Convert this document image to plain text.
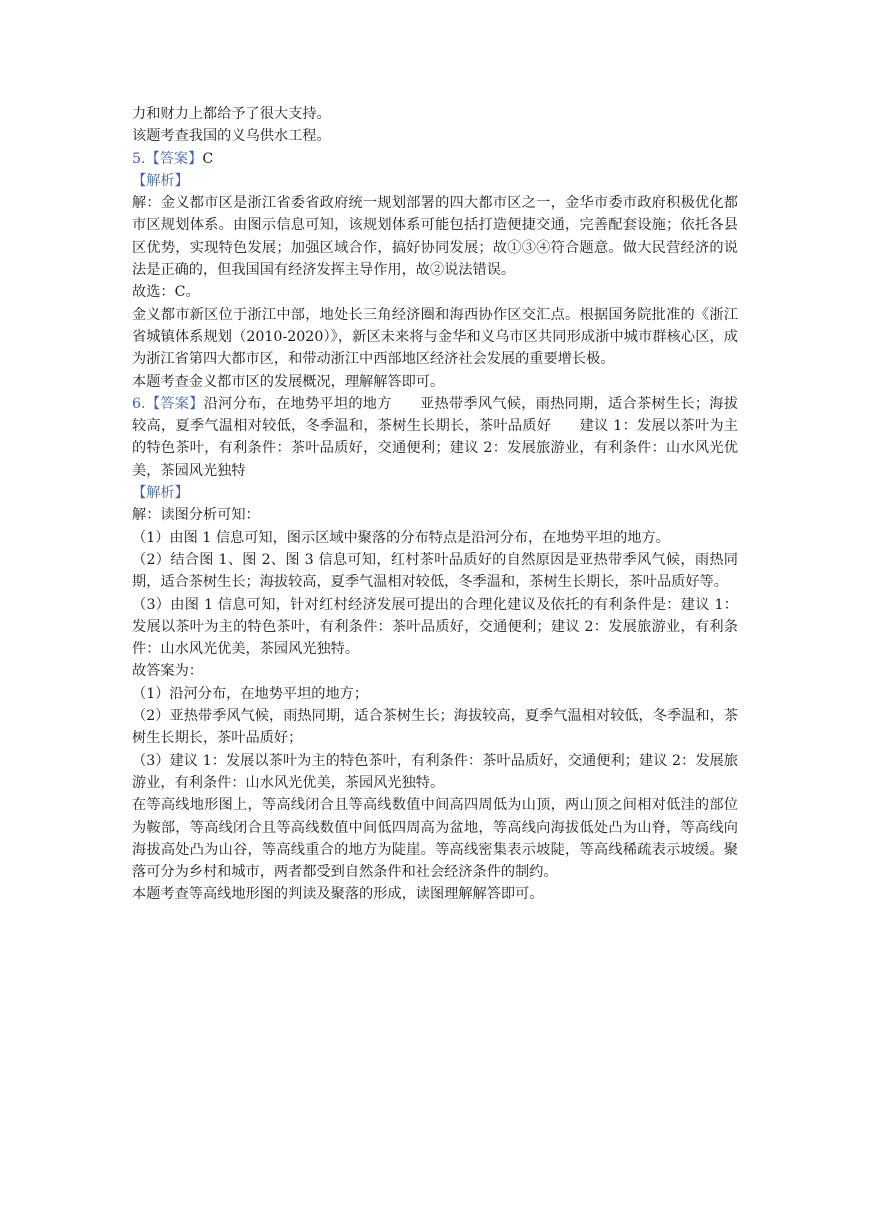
力和财力上都给予了很大支持。

该题考查我国的义乌供水工程。

5.【答案】C

【解析】

解：金义都市区是浙江省委省政府统一规划部署的四大都市区之一，金华市委市政府积极优化都市区规划体系。由图示信息可知，该规划体系可能包括打造便捷交通，完善配套设施；依托各县区优势，实现特色发展；加强区域合作，搞好协同发展；故①③④符合题意。做大民营经济的说法是正确的，但我国国有经济发挥主导作用，故②说法错误。

故选：C。

金义都市新区位于浙江中部，地处长三角经济圈和海西协作区交汇点。根据国务院批准的《浙江省城镇体系规划（2010-2020）》，新区未来将与金华和义乌市区共同形成浙中城市群核心区，成为浙江省第四大都市区，和带动浙江中西部地区经济社会发展的重要增长极。

本题考查金义都市区的发展概况，理解解答即可。

6.【答案】沿河分布，在地势平坦的地方 亚热带季风气候，雨热同期，适合茶树生长；海拔较高，夏季气温相对较低，冬季温和，茶树生长期长，茶叶品质好 建议 1：发展以茶叶为主的特色茶叶，有利条件：茶叶品质好，交通便利；建议 2：发展旅游业，有利条件：山水风光优美，茶园风光独特

【解析】

解：读图分析可知：

（1）由图 1 信息可知，图示区域中聚落的分布特点是沿河分布，在地势平坦的地方。

（2）结合图 1、图 2、图 3 信息可知，红村茶叶品质好的自然原因是亚热带季风气候，雨热同期，适合茶树生长；海拔较高，夏季气温相对较低，冬季温和，茶树生长期长，茶叶品质好等。

（3）由图 1 信息可知，针对红村经济发展可提出的合理化建议及依托的有利条件是：建议 1：发展以茶叶为主的特色茶叶，有利条件：茶叶品质好，交通便利；建议 2：发展旅游业，有利条件：山水风光优美，茶园风光独特。

故答案为：

（1）沿河分布，在地势平坦的地方；

（2）亚热带季风气候，雨热同期，适合茶树生长；海拔较高，夏季气温相对较低，冬季温和，茶树生长期长，茶叶品质好；

（3）建议 1：发展以茶叶为主的特色茶叶，有利条件：茶叶品质好，交通便利；建议 2：发展旅游业，有利条件：山水风光优美，茶园风光独特。

在等高线地形图上，等高线闭合且等高线数值中间高四周低为山顶，两山顶之间相对低洼的部位为鞍部，等高线闭合且等高线数值中间低四周高为盆地，等高线向海拔低处凸为山脊，等高线向海拔高处凸为山谷，等高线重合的地方为陡崖。等高线密集表示坡陡，等高线稀疏表示坡缓。聚落可分为乡村和城市，两者都受到自然条件和社会经济条件的制约。

本题考查等高线地形图的判读及聚落的形成，读图理解解答即可。
